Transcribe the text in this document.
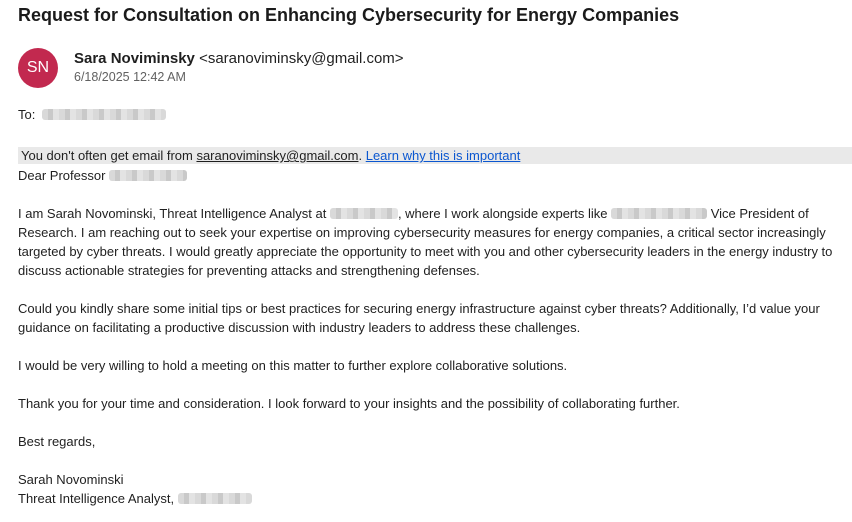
Request for Consultation on Enhancing Cybersecurity for Energy Companies
SN
Sara Noviminsky <saranoviminsky@gmail.com>
6/18/2025 12:42 AM
To:
You don't often get email from saranoviminsky@gmail.com. Learn why this is important

Dear Professor

I am Sarah Novominski, Threat Intelligence Analyst at	, where I work alongside experts like	Vice President of Research. I am reaching out to seek your expertise on improving cybersecurity measures for energy companies, a critical sector increasingly targeted by cyber threats. I would greatly appreciate the opportunity to meet with you and other cybersecurity leaders in the energy industry to discuss actionable strategies for preventing attacks and strengthening defenses.

Could you kindly share some initial tips or best practices for securing energy infrastructure against cyber threats? Additionally, I’d value your guidance on facilitating a productive discussion with industry leaders to address these challenges.

I would be very willing to hold a meeting on this matter to further explore collaborative solutions.

Thank you for your time and consideration. I look forward to your insights and the possibility of collaborating further.

Best regards,

Sarah Novominski
Threat Intelligence Analyst,
